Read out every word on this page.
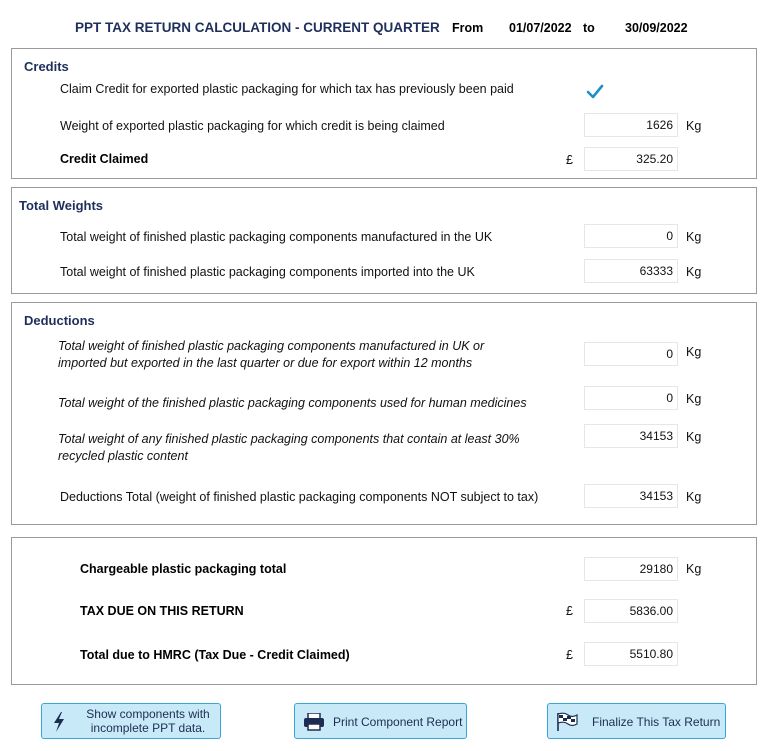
PPT TAX RETURN CALCULATION - CURRENT QUARTER From 01/07/2022 to 30/09/2022
Credits
Claim Credit for exported plastic packaging for which tax has previously been paid
Weight of exported plastic packaging for which credit is being claimed	1626	Kg
Credit Claimed	£	325.20
Total Weights
Total weight of finished plastic packaging components manufactured in the UK	0	Kg
Total weight of finished plastic packaging components imported into the UK	63333	Kg
Deductions
Total weight of finished plastic packaging components manufactured in UK or imported but exported in the last quarter or due for export within 12 months
0	Kg
Total weight of the finished plastic packaging components used for human medicines	0	Kg
Total weight of any finished plastic packaging components that contain at least 30% recycled plastic content
34153	Kg
Deductions Total (weight of finished plastic packaging components NOT subject to tax)	34153	Kg
Chargeable plastic packaging total	29180	Kg
TAX DUE ON THIS RETURN	£	5836.00
Total due to HMRC (Tax Due - Credit Claimed)	£	5510.80
Show components with incomplete PPT data.	Print Component Report	Finalize This Tax Return
